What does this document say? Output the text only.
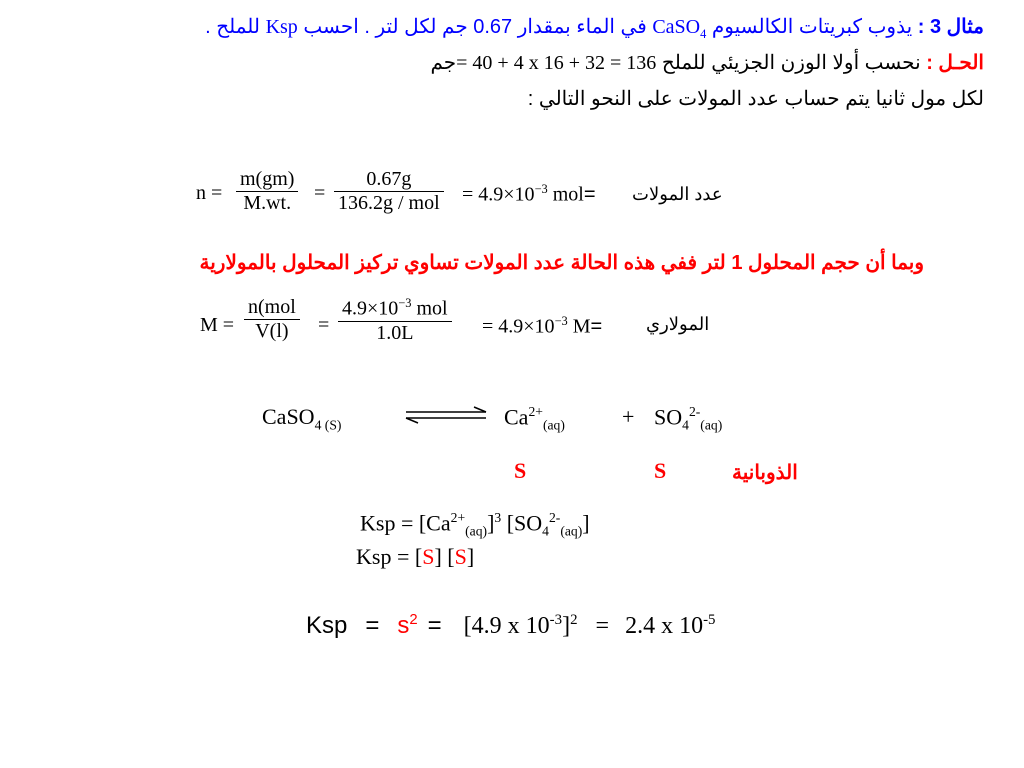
مثال 3 : يذوب كبريتات الكالسيوم CaSO$_4$ في الماء بمقدار 0.67 جم لكل لتر . احسب Ksp للملح .
الحـل : نحسب أولا الوزن الجزيئي للملح = 40 + 4 x 16 + 32 = 136جم
لكل مول ثانيا يتم حساب عدد المولات على النحو التالي :
n =
m(gm)
M.wt. =
0.67g
136.2g / mol = $4.9\times 10^{-3}$ mol= عدد المولات
وبما أن حجم المحلول 1 لتر ففي هذه الحالة عدد المولات تساوي تركيز المحلول بالمولارية
M =
n(mol
V(l) =
$4.9\times 10^{-3}$ mol
1.0L	= $4.9\times 10^{-3}$ M= المولاري
CaSO$_{4 (S)}$ ⇌ $Ca^{2+}_{(aq)}$	+ $SO_4^{2-}_{(aq)}$
S	S	الذوبانية
Ksp = $[Ca^{2+}_{(aq)}]^3$ $[SO_4^{2-}_{(aq)}]$
Ksp = [S] [S]
Ksp = $s^2 = [4.9$ x $10^{-3}]^2 = 2.4$ x $10^{-5}$
